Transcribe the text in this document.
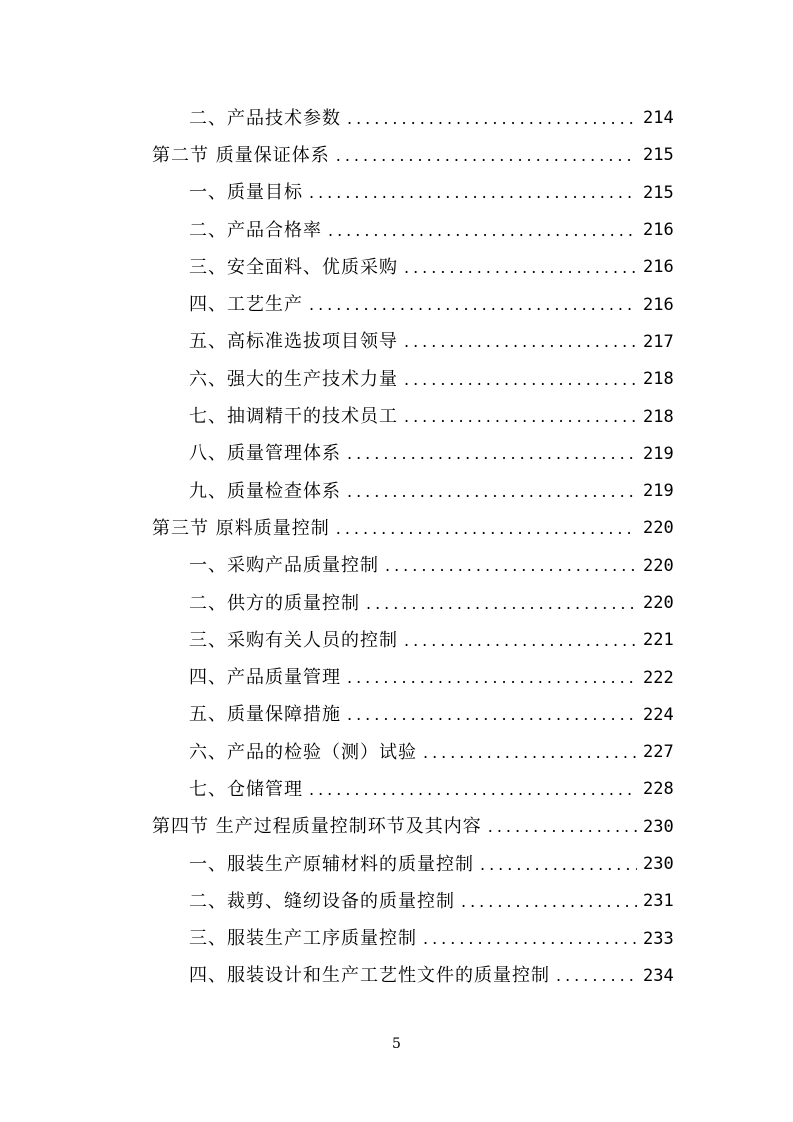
二、产品技术参数 .....	214
第二节 质量保证体系 .....	215
一、质量目标 .....	215
二、产品合格率 .....	216
三、安全面料、优质采购 .....	216
四、工艺生产 .....	216
五、高标准选拔项目领导 .....	217
六、强大的生产技术力量 .....	218
七、抽调精干的技术员工 .....	218
八、质量管理体系 .....	219
九、质量检查体系 .....	219
第三节 原料质量控制 .....	220
一、采购产品质量控制 .....	220
二、供方的质量控制 .....	220
三、采购有关人员的控制 .....	221
四、产品质量管理 .....	222
五、质量保障措施 .....	224
六、产品的检验（测）试验 .....	227
七、仓储管理 .....	228
第四节 生产过程质量控制环节及其内容 .....	230
一、服装生产原辅材料的质量控制 .....	230
二、裁剪、缝纫设备的质量控制 .....	231
三、服装生产工序质量控制 .....	233
四、服装设计和生产工艺性文件的质量控制 .....	234
5
